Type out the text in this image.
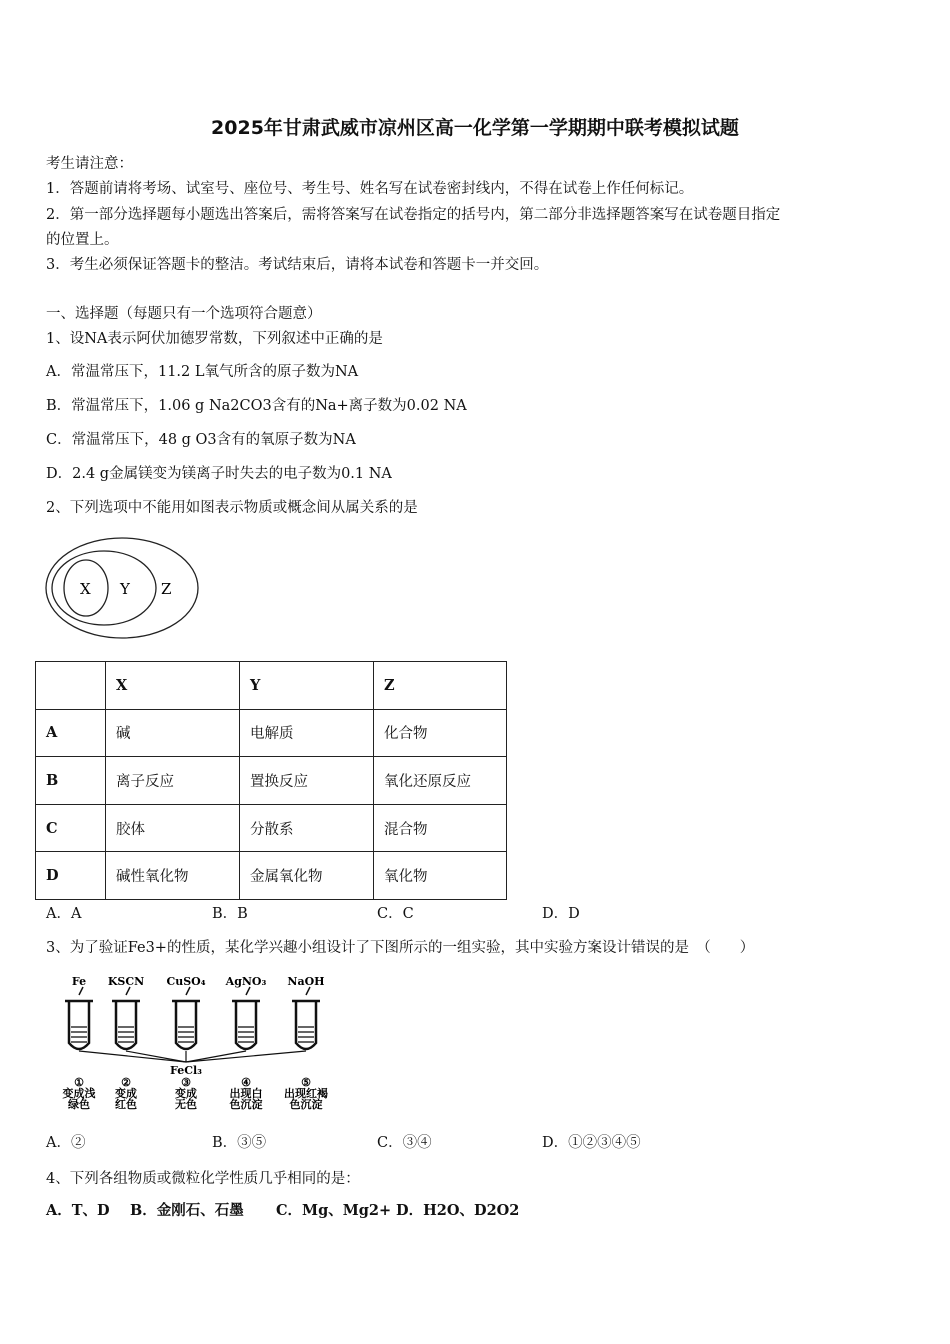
2025年甘肃武威市凉州区高一化学第一学期期中联考模拟试题
考生请注意：
1．答题前请将考场、试室号、座位号、考生号、姓名写在试卷密封线内，不得在试卷上作任何标记。
2．第一部分选择题每小题选出答案后，需将答案写在试卷指定的括号内，第二部分非选择题答案写在试卷题目指定
的位置上。
3．考生必须保证答题卡的整洁。考试结束后，请将本试卷和答题卡一并交回。
一、选择题（每题只有一个选项符合题意）
1、设NA表示阿伏加德罗常数，下列叙述中正确的是
A．常温常压下，11.2 L氧气所含的原子数为NA
B．常温常压下，1.06 g Na2CO3含有的Na+离子数为0.02 NA
C．常温常压下，48 g O3含有的氧原子数为NA
D．2.4 g金属镁变为镁离子时失去的电子数为0.1 NA
2、下列选项中不能用如图表示物质或概念间从属关系的是
X Y Z
	X	Y	Z
A	碱	电解质	化合物
B	离子反应	置换反应	氧化还原反应
C	胶体	分散系	混合物
D	碱性氧化物	金属氧化物	氧化物
A．A	B．B	C．C	D．D
3、为了验证Fe3+的性质，某化学兴趣小组设计了下图所示的一组实验，其中实验方案设计错误的是　（　　）
Fe
①
变成浅
绿色
KSCN
②
变成
红色
CuSO₄
③
变成
无色
AgNO₃
④
出现白
色沉淀
NaOH
⑤
出现红褐
色沉淀
FeCl₃
A．②	B．③⑤	C．③④	D．①②③④⑤
4、下列各组物质或微粒化学性质几乎相同的是：
A．T、D B．金刚石、石墨 C．Mg、Mg2+ D．H2O、D2O2
